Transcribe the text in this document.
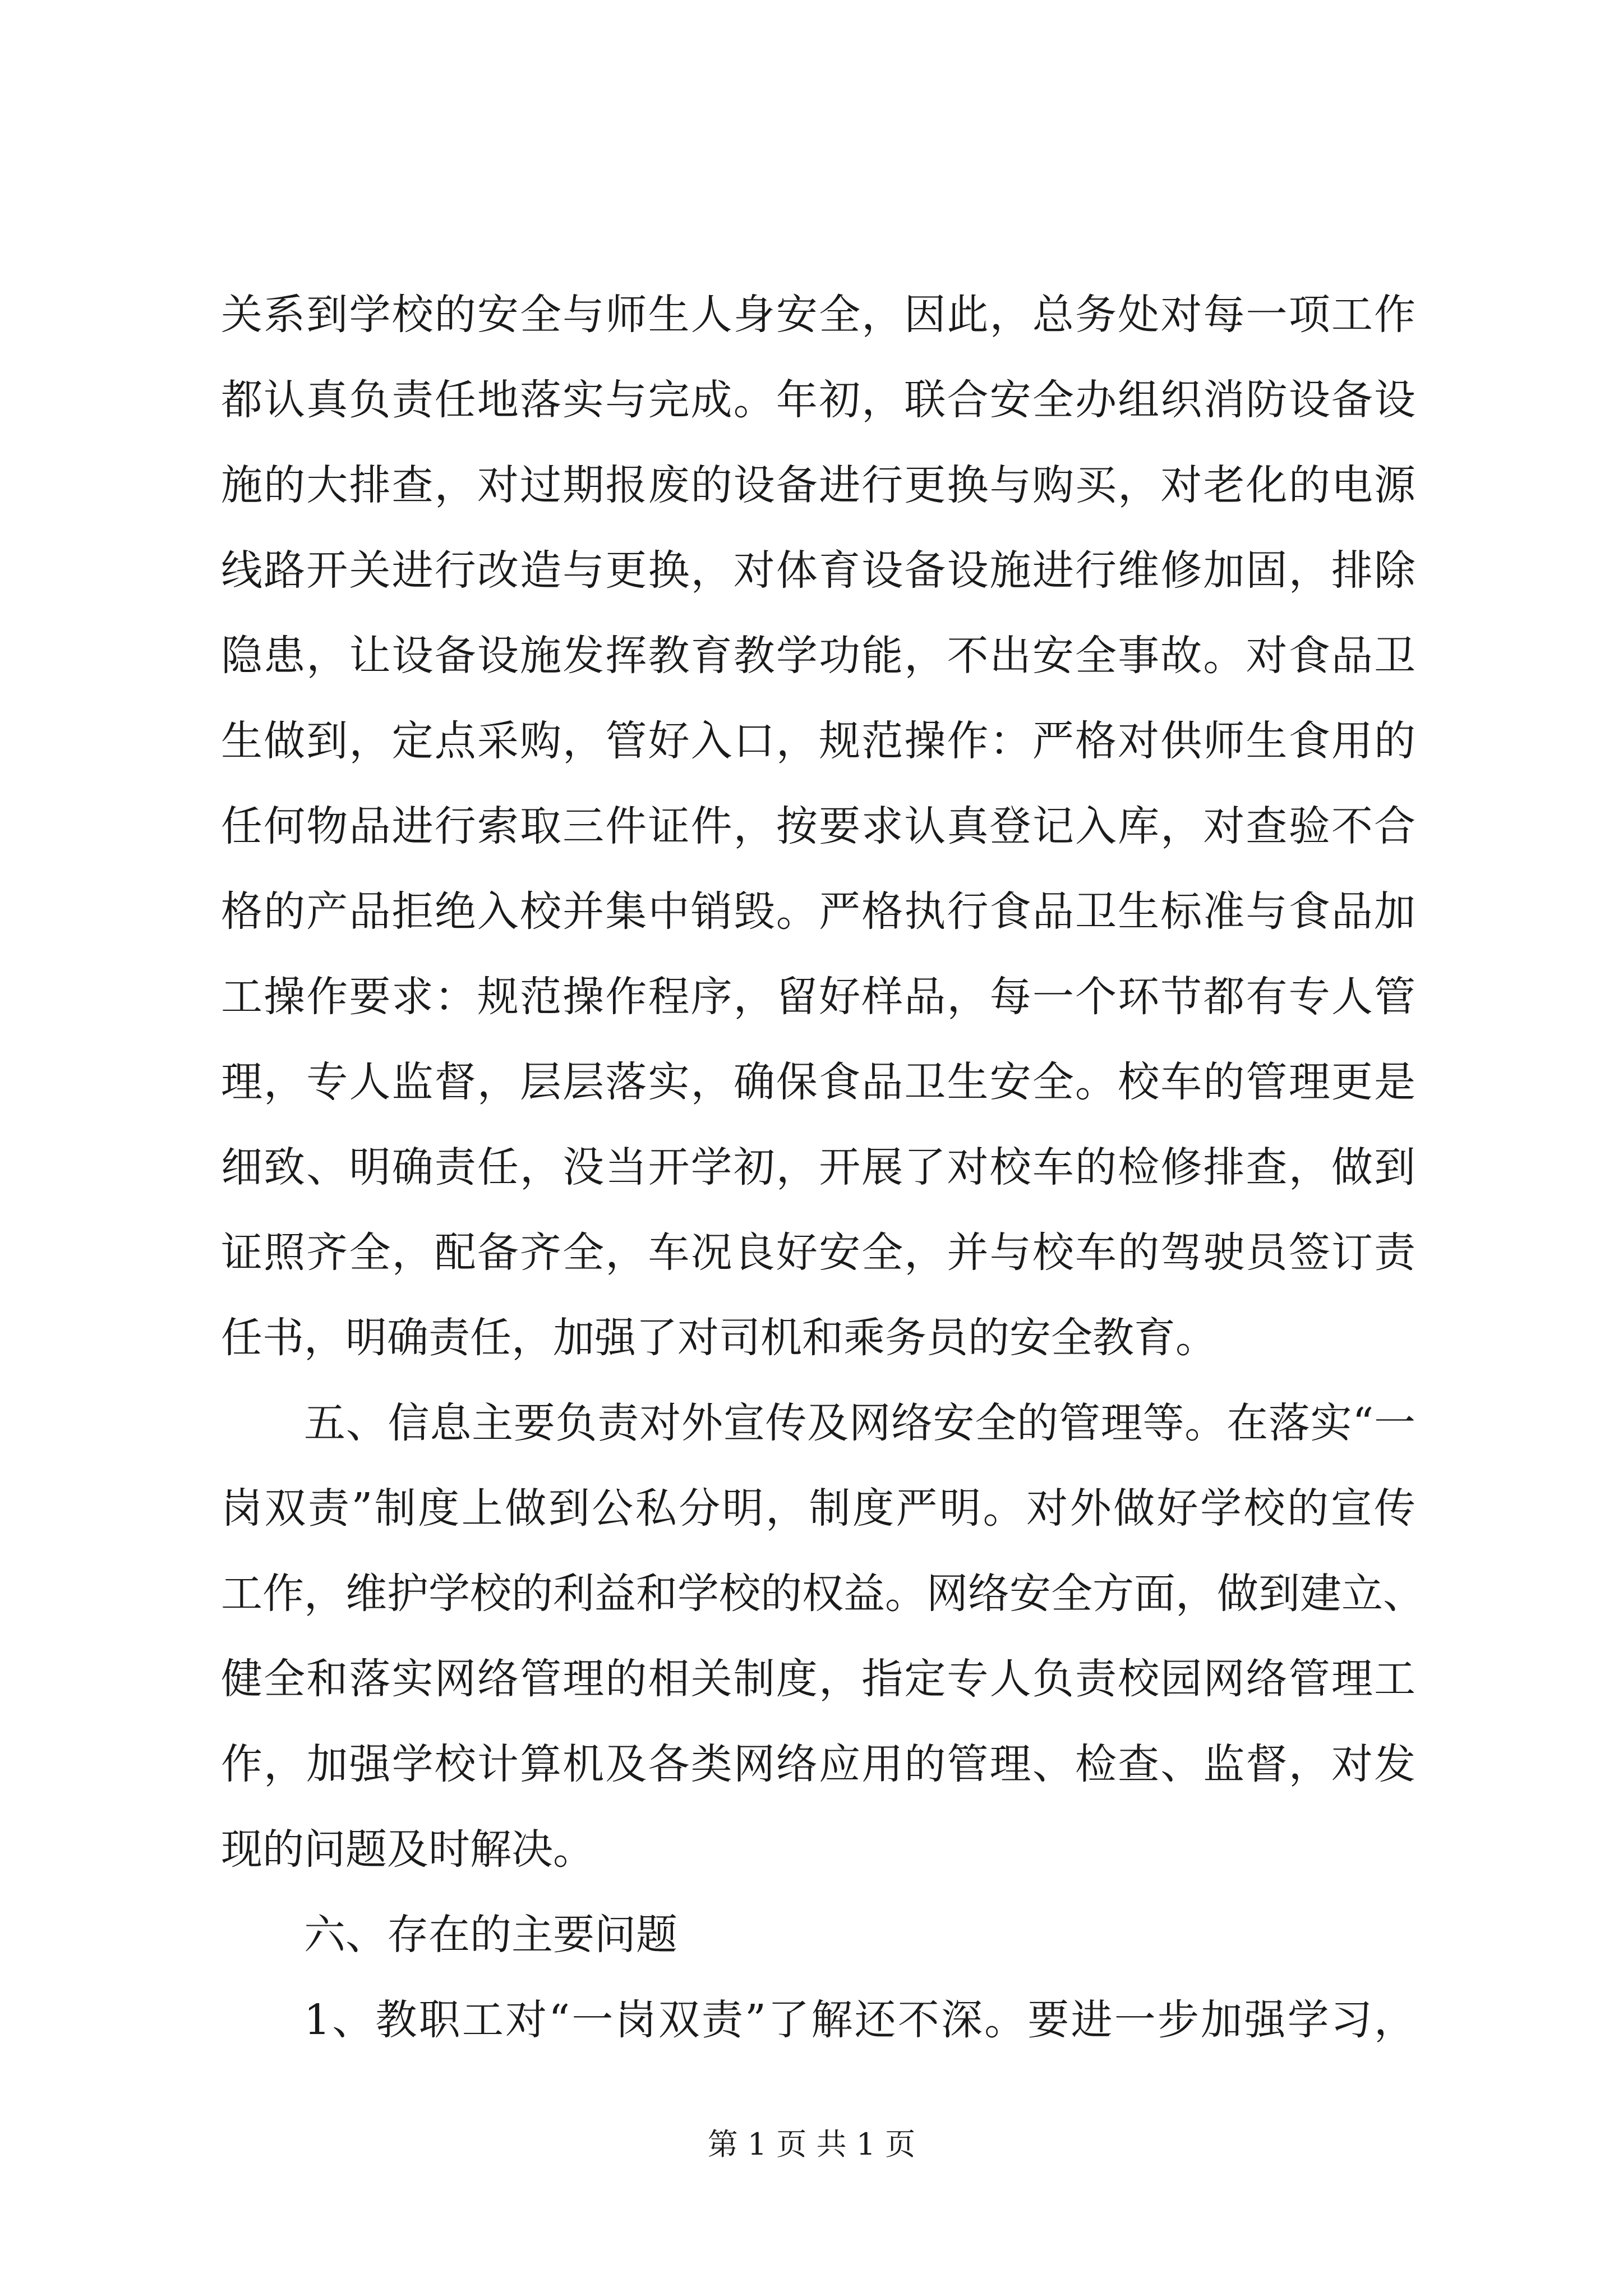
关系到学校的安全与师生人身安全，因此，总务处对每一项工作
都认真负责任地落实与完成。年初，联合安全办组织消防设备设
施的大排查，对过期报废的设备进行更换与购买，对老化的电源
线路开关进行改造与更换，对体育设备设施进行维修加固，排除
隐患，让设备设施发挥教育教学功能，不出安全事故。对食品卫
生做到，定点采购，管好入口，规范操作：严格对供师生食用的
任何物品进行索取三件证件，按要求认真登记入库，对查验不合
格的产品拒绝入校并集中销毁。严格执行食品卫生标准与食品加
工操作要求：规范操作程序，留好样品，每一个环节都有专人管
理，专人监督，层层落实，确保食品卫生安全。校车的管理更是
细致、明确责任，没当开学初，开展了对校车的检修排查，做到
证照齐全，配备齐全，车况良好安全，并与校车的驾驶员签订责
任书，明确责任，加强了对司机和乘务员的安全教育。
五、信息主要负责对外宣传及网络安全的管理等。在落实“一
岗双责”制度上做到公私分明，制度严明。对外做好学校的宣传
工作，维护学校的利益和学校的权益。网络安全方面，做到建立、
健全和落实网络管理的相关制度，指定专人负责校园网络管理工
作，加强学校计算机及各类网络应用的管理、检查、监督，对发
现的问题及时解决。
六、存在的主要问题
1、教职工对“一岗双责”了解还不深。要进一步加强学习，
第 1 页 共 1 页
